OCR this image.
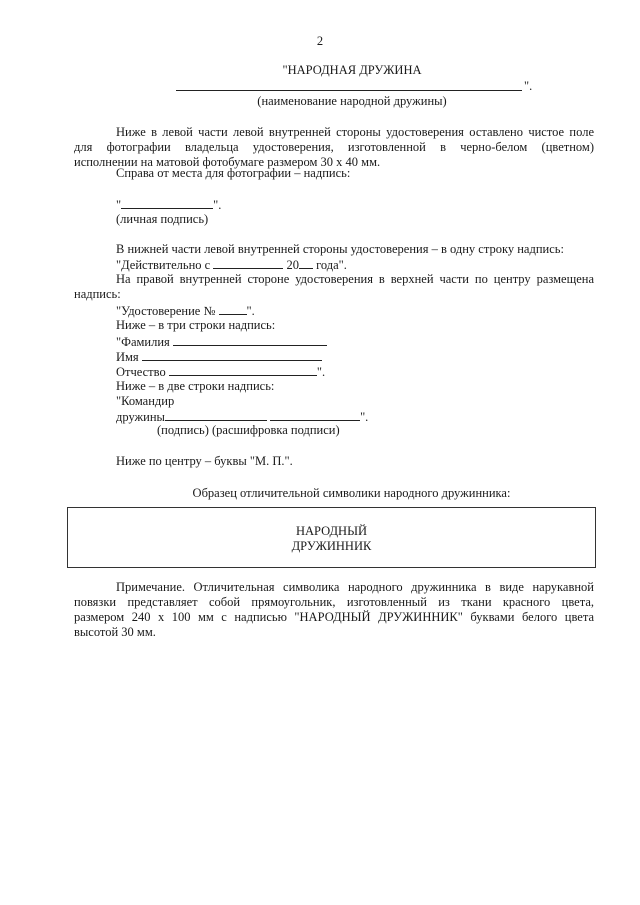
2
"НАРОДНАЯ ДРУЖИНА
".
(наименование народной дружины)
Ниже в левой части левой внутренней стороны удостоверения оставлено чистое поле
для фотографии владельца удостоверения, изготовленной в черно-белом (цветном)
исполнении на матовой фотобумаге размером 30 х 40 мм.
Справа от места для фотографии – надпись:
"	".
(личная подпись)
В нижней части левой внутренней стороны удостоверения – в одну строку надпись:
"Действительно с	20 года".
На правой внутренней стороне удостоверения в верхней части по центру размещена
надпись:
"Удостоверение № ".
Ниже – в три строки надпись:
"Фамилия
Имя
Отчество	".
Ниже – в две строки надпись:
"Командир
дружины	".
(подпись) (расшифровка подписи)
Ниже по центру – буквы "М. П.".
Образец отличительной символики народного дружинника:
НАРОДНЫЙ
ДРУЖИННИК
Примечание. Отличительная символика народного дружинника в виде нарукавной
повязки представляет собой прямоугольник, изготовленный из ткани красного цвета,
размером 240 х 100 мм с надписью "НАРОДНЫЙ ДРУЖИННИК" буквами белого цвета
высотой 30 мм.
